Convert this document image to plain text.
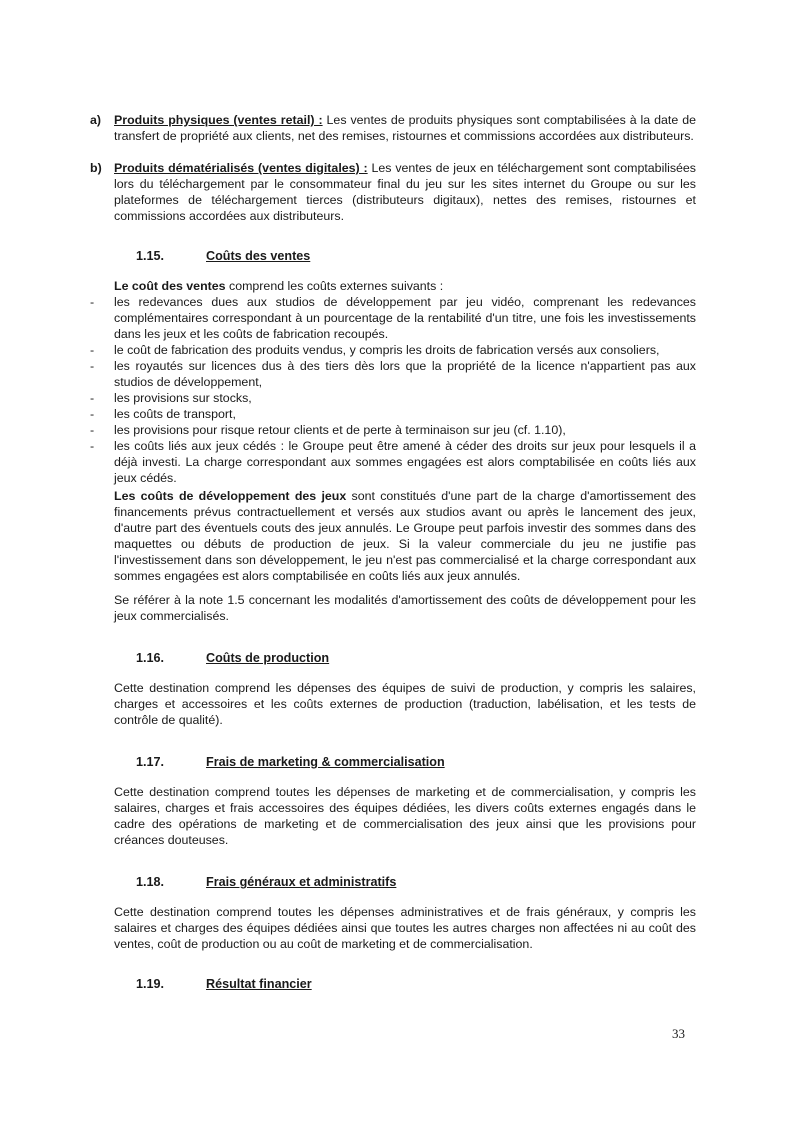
a) Produits physiques (ventes retail) : Les ventes de produits physiques sont comptabilisées à la date de transfert de propriété aux clients, net des remises, ristournes et commissions accordées aux distributeurs.
b) Produits dématérialisés (ventes digitales) : Les ventes de jeux en téléchargement sont comptabilisées lors du téléchargement par le consommateur final du jeu sur les sites internet du Groupe ou sur les plateformes de téléchargement tierces (distributeurs digitaux), nettes des remises, ristournes et commissions accordées aux distributeurs.
1.15.	Coûts des ventes
Le coût des ventes comprend les coûts externes suivants :
- les redevances dues aux studios de développement par jeu vidéo, comprenant les redevances complémentaires correspondant à un pourcentage de la rentabilité d'un titre, une fois les investissements dans les jeux et les coûts de fabrication recoupés.
- le coût de fabrication des produits vendus, y compris les droits de fabrication versés aux consoliers,
- les royautés sur licences dus à des tiers dès lors que la propriété de la licence n'appartient pas aux studios de développement,
- les provisions sur stocks,
- les coûts de transport,
- les provisions pour risque retour clients et de perte à terminaison sur jeu (cf. 1.10),
- les coûts liés aux jeux cédés : le Groupe peut être amené à céder des droits sur jeux pour lesquels il a déjà investi. La charge correspondant aux sommes engagées est alors comptabilisée en coûts liés aux jeux cédés.
Les coûts de développement des jeux sont constitués d'une part de la charge d'amortissement des financements prévus contractuellement et versés aux studios avant ou après le lancement des jeux, d'autre part des éventuels couts des jeux annulés. Le Groupe peut parfois investir des sommes dans des maquettes ou débuts de production de jeux. Si la valeur commerciale du jeu ne justifie pas l'investissement dans son développement, le jeu n'est pas commercialisé et la charge correspondant aux sommes engagées est alors comptabilisée en coûts liés aux jeux annulés.
Se référer à la note 1.5 concernant les modalités d'amortissement des coûts de développement pour les jeux commercialisés.
1.16.	Coûts de production
Cette destination comprend les dépenses des équipes de suivi de production, y compris les salaires, charges et accessoires et les coûts externes de production (traduction, labélisation, et les tests de contrôle de qualité).
1.17.	Frais de marketing & commercialisation
Cette destination comprend toutes les dépenses de marketing et de commercialisation, y compris les salaires, charges et frais accessoires des équipes dédiées, les divers coûts externes engagés dans le cadre des opérations de marketing et de commercialisation des jeux ainsi que les provisions pour créances douteuses.
1.18.	Frais généraux et administratifs
Cette destination comprend toutes les dépenses administratives et de frais généraux, y compris les salaires et charges des équipes dédiées ainsi que toutes les autres charges non affectées ni au coût des ventes, coût de production ou au coût de marketing et de commercialisation.
1.19.	Résultat financier
33
